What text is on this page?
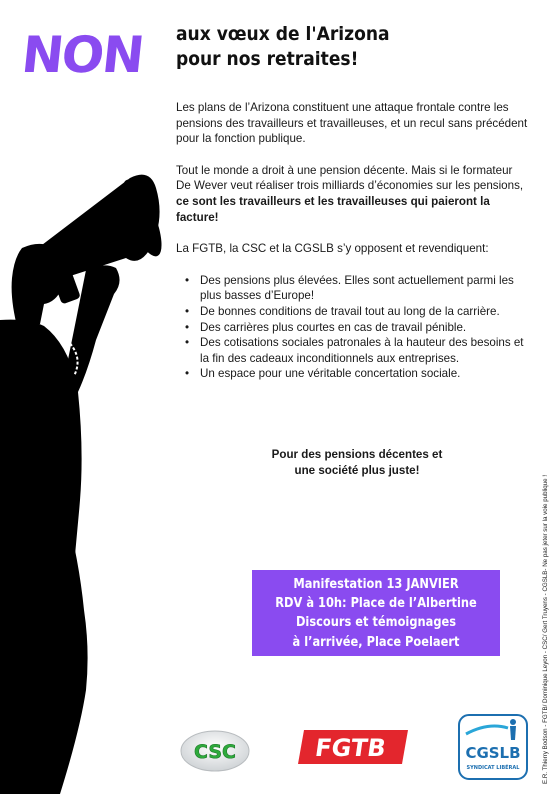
NON aux vœux de l'Arizona
pour nos retraites!

Les plans de l’Arizona constituent une attaque frontale contre les pensions des travailleurs et travailleuses, et un recul sans précédent pour la fonction publique.

Tout le monde a droit à une pension décente. Mais si le formateur De Wever veut réaliser trois milliards d’économies sur les pensions, ce sont les travailleurs et les travailleuses qui paieront la facture!

La FGTB, la CSC et la CGSLB s’y opposent et revendiquent:

• Des pensions plus élevées. Elles sont actuellement parmi les plus basses d’Europe!
• De bonnes conditions de travail tout au long de la carrière.
• Des carrières plus courtes en cas de travail pénible.
• Des cotisations sociales patronales à la hauteur des besoins et la fin des cadeaux inconditionnels aux entreprises.
• Un espace pour une véritable concertation sociale.
Pour des pensions décentes et
une société plus juste!
Manifestation 13 JANVIER
RDV à 10h: Place de l’Albertine
Discours et témoignages
à l’arrivée, Place Poelaert
CSC	FGTB	CGSLB
SYNDICAT LIBÉRAL	E.R. Thierry Bodson - FGTB/ Dominique Leyon - CSC/ Gert Truyens - CGSLB- Ne pas jeter sur la voie publique !
